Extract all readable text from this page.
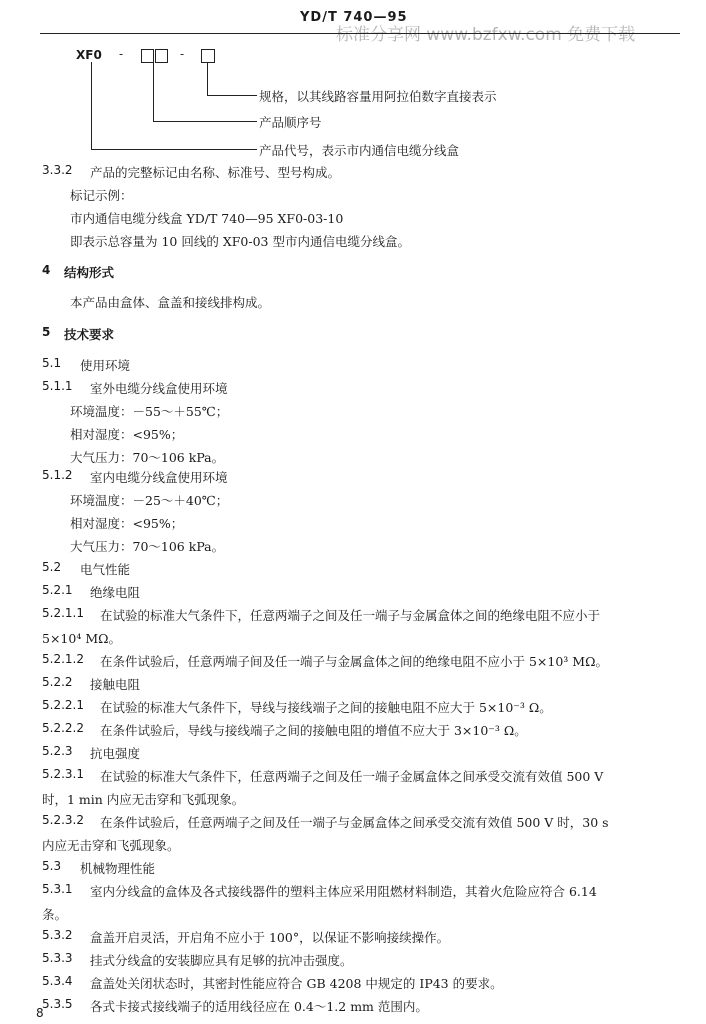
YD/T 740—95
标准分享网 www.bzfxw.com 免费下载
XF0 -	-
规格，以其线路容量用阿拉伯数字直接表示
产品顺序号
产品代号，表示市内通信电缆分线盒
3.3.2 产品的完整标记由名称、标准号、型号构成。
标记示例：
市内通信电缆分线盒 YD/T 740—95 XF0-03-10
即表示总容量为 10 回线的 XF0-03 型市内通信电缆分线盒。
4 结构形式
本产品由盒体、盒盖和接线排构成。
5 技术要求
5.1 使用环境
5.1.1 室外电缆分线盒使用环境
环境温度：－55～＋55℃；
相对湿度：<95%；
大气压力：70～106 kPa。
5.1.2 室内电缆分线盒使用环境
环境温度：－25～＋40℃；
相对湿度：<95%；
大气压力：70～106 kPa。
5.2 电气性能
5.2.1 绝缘电阻
5.2.1.1 在试验的标准大气条件下，任意两端子之间及任一端子与金属盒体之间的绝缘电阻不应小于
5×10⁴ MΩ。
5.2.1.2 在条件试验后，任意两端子间及任一端子与金属盒体之间的绝缘电阻不应小于 5×10³ MΩ。
5.2.2 接触电阻
5.2.2.1 在试验的标准大气条件下，导线与接线端子之间的接触电阻不应大于 5×10⁻³ Ω。
5.2.2.2 在条件试验后，导线与接线端子之间的接触电阻的增值不应大于 3×10⁻³ Ω。
5.2.3 抗电强度
5.2.3.1 在试验的标准大气条件下，任意两端子之间及任一端子金属盒体之间承受交流有效值 500 V
时，1 min 内应无击穿和飞弧现象。
5.2.3.2 在条件试验后，任意两端子之间及任一端子与金属盒体之间承受交流有效值 500 V 时，30 s
内应无击穿和飞弧现象。
5.3 机械物理性能
5.3.1 室内分线盒的盒体及各式接线器件的塑料主体应采用阻燃材料制造，其着火危险应符合 6.14
条。
5.3.2 盒盖开启灵活，开启角不应小于 100°，以保证不影响接续操作。
5.3.3 挂式分线盒的安装脚应具有足够的抗冲击强度。
5.3.4 盒盖处关闭状态时，其密封性能应符合 GB 4208 中规定的 IP43 的要求。
5.3.5 各式卡接式接线端子的适用线径应在 0.4～1.2 mm 范围内。
8
